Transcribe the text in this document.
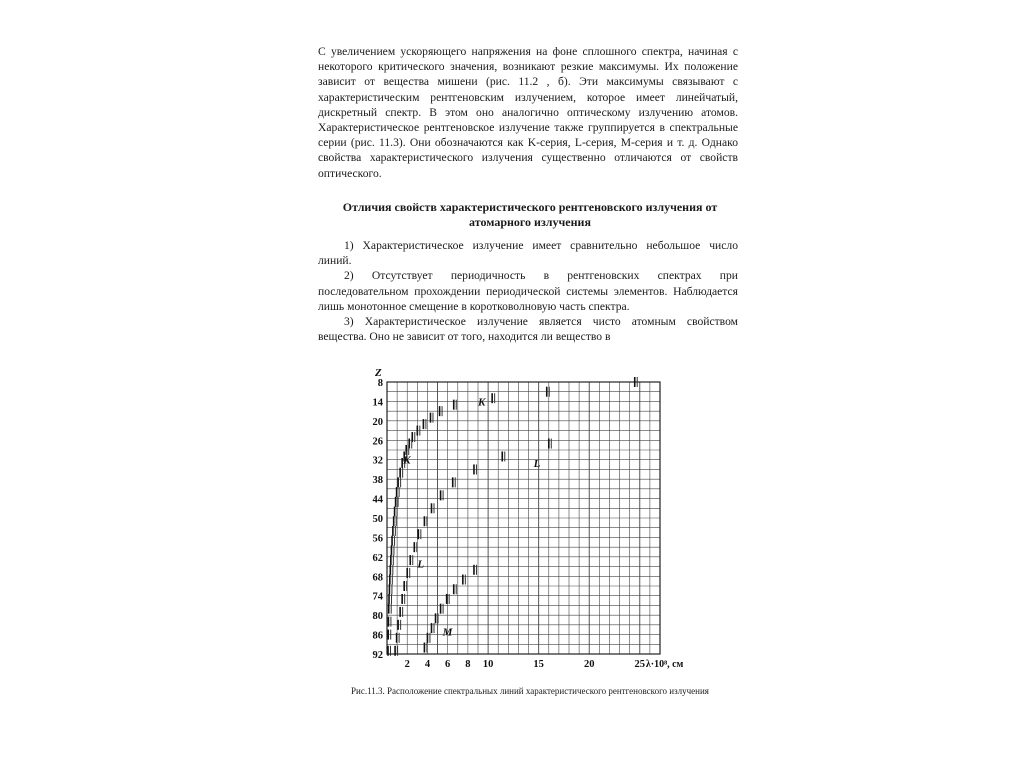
С увеличением ускоряющего напряжения на фоне сплошного спектра, начиная с некоторого критического значения, возникают резкие максимумы. Их положение зависит от вещества мишени (рис. 11.2 , б). Эти максимумы связывают с характеристическим рентгеновским излучением, которое имеет линейчатый, дискретный спектр. В этом оно аналогично оптическому излучению атомов. Характеристическое рентгеновское излучение также группируется в спектральные серии (рис. 11.3). Они обозначаются как K-серия, L-серия, M-серия и т. д. Однако свойства характеристического излучения существенно отличаются от свойств оптического.

Отличия свойств характеристического рентгеновского излучения от
атомарного излучения

1) Характеристическое излучение имеет сравнительно небольшое число линий.

2) Отсутствует периодичность в рентгеновских спектрах при последовательном прохождении периодической системы элементов. Наблюдается лишь монотонное смещение в коротковолновую часть спектра.

3) Характеристическое излучение является чисто атомным свойством вещества. Оно не зависит от того, находится ли вещество в

K
K	L
L
M
8
14
20
26
32
38
44
50
56
62
68
74
80
86
92
2 4 6 8 10	15	20	25
Z
λ·10⁸, см
Рис.11.3. Расположение спектральных линий характеристического рентгеновского излучения
